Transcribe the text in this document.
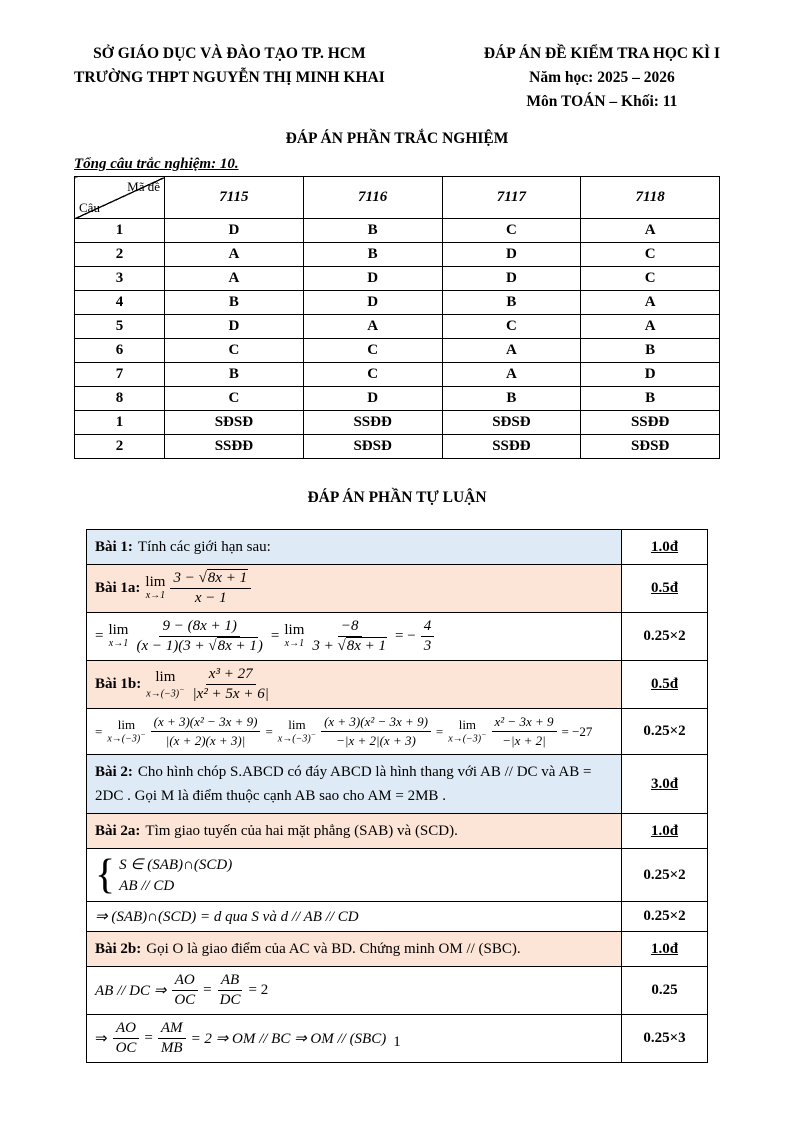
SỞ GIÁO DỤC VÀ ĐÀO TẠO TP. HCM
TRƯỜNG THPT NGUYỄN THỊ MINH KHAI
ĐÁP ÁN ĐỀ KIỂM TRA HỌC KÌ I
Năm học: 2025 – 2026
Môn TOÁN – Khối: 11
ĐÁP ÁN PHẦN TRẮC NGHIỆM
Tổng câu trắc nghiệm: 10.
Mã đề
Câu	7115	7116	7117	7118
1	D	B	C	A
2	A	B	D	C
3	A	D	D	C
4	B	D	B	A
5	D	A	C	A
6	C	C	A	B
7	B	C	A	D
8	C	D	B	B
1	SĐSĐ	SSĐĐ	SĐSĐ	SSĐĐ
2	SSĐĐ	SĐSĐ	SSĐĐ	SĐSĐ
ĐÁP ÁN PHẦN TỰ LUẬN
Bài 1: Tính các giới hạn sau:	1.0đ
Bài 1a: lim
$x\to 1 \frac{3 - √8x + 1}{x - 1}$	0.5đ

= lim
$x\to 1 \frac{9 - (8x + 1)}{(x - 1)(3 + √8x + 1)} = \lim$
$x\to 1 \frac{-8}{3 + √8x + 1}$ = − $\frac{4}{3}$	0.25×2
Bài 1b: lim
$x\to(-3)^- \frac{\text{x³ + 27}}{\text{|x² + 5x + 6|}}$	0.5đ

= lim
$x\to(-3)^- \frac{\text{(x + 3)(x² − 3x + 9)}}{|(x + 2)(x + 3)|} = \lim$
$x\to(-3)^- \frac{\text{(x + 3)(x² − 3x + 9)}}{-|x + 2|(x + 3)} = \lim$
$x\to(-3)^- \frac{\text{x² − 3x + 9}}{-|x + 2|} = -27$	0.25×2
Bài 2: Cho hình chóp S.ABCD có đáy ABCD là hình thang với AB // DC và AB = 2DC . Gọi M là điểm thuộc cạnh AB sao cho AM = 2MB .	3.0đ
Bài 2a: Tìm giao tuyến của hai mặt phẳng (SAB) và (SCD).	1.0đ

{ S ∈ (SAB)∩(SCD)
AB // CD	0.25×2
⇒ (SAB)∩(SCD) = d qua S và d // AB // CD	0.25×2
Bài 2b: Gọi O là giao điểm của AC và BD. Chứng minh OM // (SBC).	1.0đ

AB // DC ⇒ $\frac{AO}{OC} = \frac{AB}{DC} = 2$	0.25

⇒ $\frac{AO}{OC} = \frac{AM}{MB} = 2$ ⇒ OM // BC ⇒ OM // (SBC)	0.25×3
1
